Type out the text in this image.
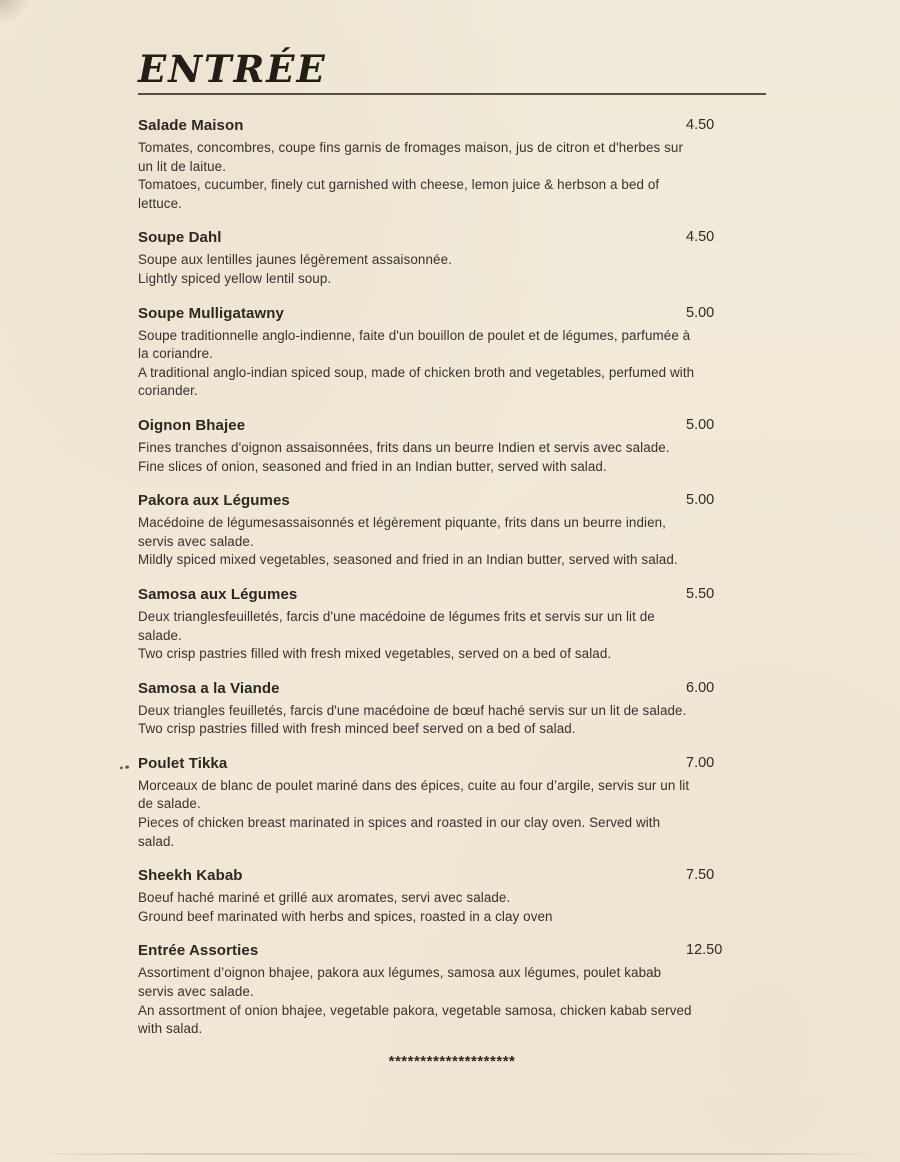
ENTRÉE
Salade Maison	4.50

Tomates, concombres, coupe fins garnis de fromages maison, jus de citron et d'herbes sur un lit de laitue.

Tomatoes, cucumber, finely cut garnished with cheese, lemon juice & herbson a bed of lettuce.

Soupe Dahl	4.50

Soupe aux lentilles jaunes légèrement assaisonnée.

Lightly spiced yellow lentil soup.

Soupe Mulligatawny	5.00

Soupe traditionnelle anglo-indienne, faite d'un bouillon de poulet et de légumes, parfumée à la coriandre.

A traditional anglo-indian spiced soup, made of chicken broth and vegetables, perfumed with coriander.

Oignon Bhajee	5.00

Fines tranches d'oignon assaisonnées, frits dans un beurre Indien et servis avec salade.

Fine slices of onion, seasoned and fried in an Indian butter, served with salad.

Pakora aux Légumes	5.00

Macédoine de légumesassaisonnés et légèrement piquante, frits dans un beurre indien, servis avec salade.

Mildly spiced mixed vegetables, seasoned and fried in an Indian butter, served with salad.

Samosa aux Légumes	5.50

Deux trianglesfeuilletés, farcis d'une macédoine de légumes frits et servis sur un lit de salade.

Two crisp pastries filled with fresh mixed vegetables, served on a bed of salad.

Samosa a la Viande	6.00

Deux triangles feuilletés, farcis d'une macédoine de bœuf haché servis sur un lit de salade.

Two crisp pastries filled with fresh minced beef served on a bed of salad.

Poulet Tikka	7.00

Morceaux de blanc de poulet mariné dans des épices, cuite au four d’argile, servis sur un lit de salade.

Pieces of chicken breast marinated in spices and roasted in our clay oven. Served with salad.

Sheekh Kabab	7.50

Boeuf haché mariné et grillé aux aromates, servi avec salade.

Ground beef marinated with herbs and spices, roasted in a clay oven

Entrée Assorties	12.50

Assortiment d’oignon bhajee, pakora aux légumes, samosa aux légumes, poulet kabab servis avec salade.

An assortment of onion bhajee, vegetable pakora, vegetable samosa, chicken kabab served with salad.

********************
